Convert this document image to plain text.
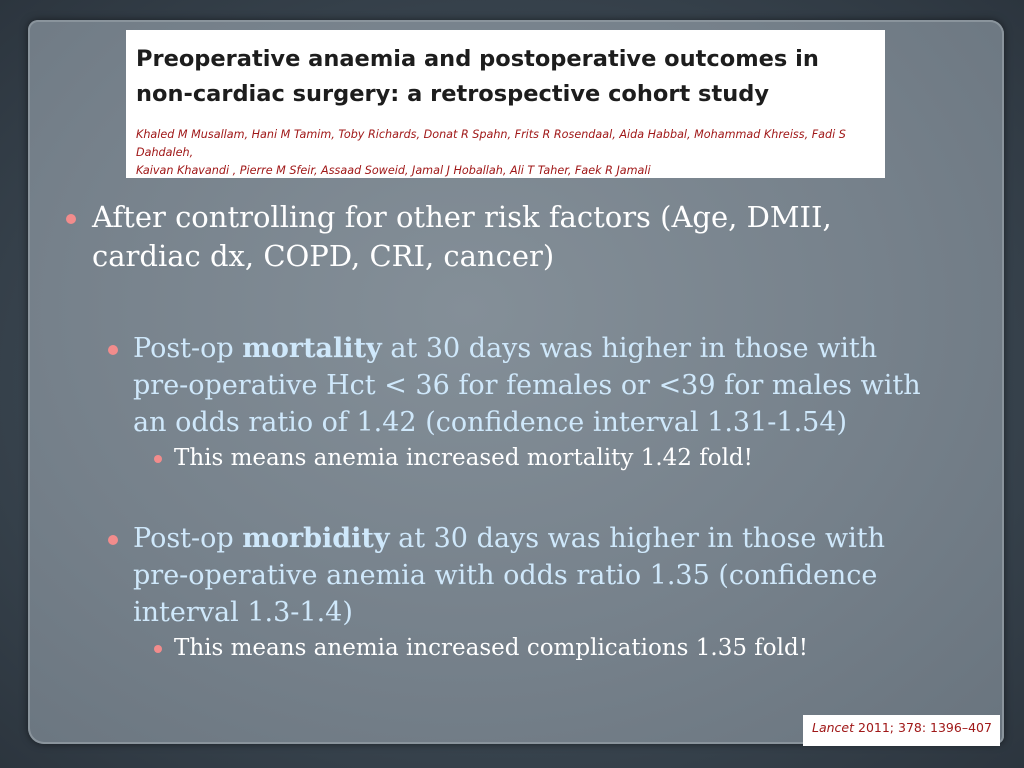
Preoperative anaemia and postoperative outcomes in
non-cardiac surgery: a retrospective cohort study
Khaled M Musallam, Hani M Tamim, Toby Richards, Donat R Spahn, Frits R Rosendaal, Aida Habbal, Mohammad Khreiss, Fadi S Dahdaleh,
Kaivan Khavandi , Pierre M Sfeir, Assaad Soweid, Jamal J Hoballah, Ali T Taher, Faek R Jamali
After controlling for other risk factors (Age, DMII,
cardiac dx, COPD, CRI, cancer)
Post-op mortality at 30 days was higher in those with
pre-operative Hct < 36 for females or <39 for males with
an odds ratio of 1.42 (confidence interval 1.31-1.54)
This means anemia increased mortality 1.42 fold!
Post-op morbidity at 30 days was higher in those with
pre-operative anemia with odds ratio 1.35 (confidence
interval 1.3-1.4)
This means anemia increased complications 1.35 fold!
Lancet 2011; 378: 1396–407
